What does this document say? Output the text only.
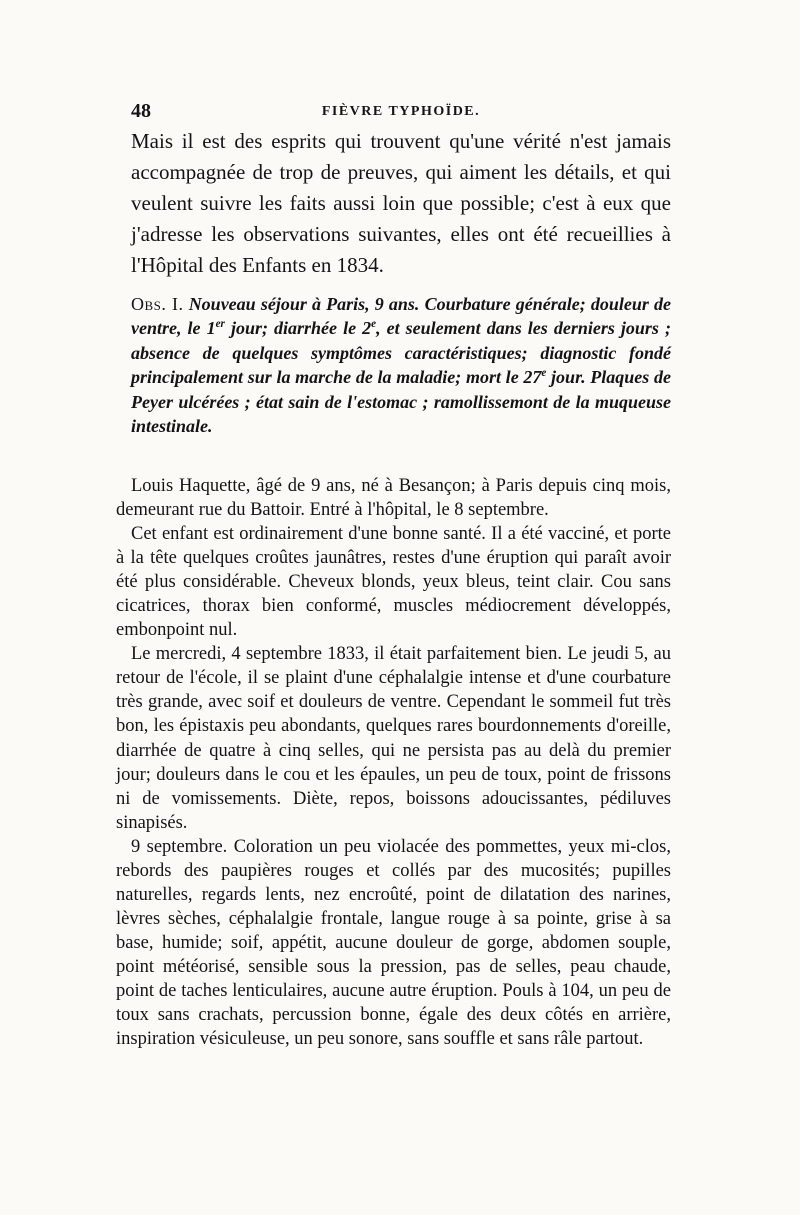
48	FIÈVRE TYPHOÏDE.
Mais il est des esprits qui trouvent qu'une vérité n'est jamais accompagnée de trop de preuves, qui aiment les détails, et qui veulent suivre les faits aussi loin que possible; c'est à eux que j'adresse les observations suivantes, elles ont été recueillies à l'Hôpital des Enfants en 1834.
Obs. I. Nouveau séjour à Paris, 9 ans. Courbature générale; douleur de ventre, le 1er jour; diarrhée le 2e, et seulement dans les derniers jours ; absence de quelques symptômes caractéristiques; diagnostic fondé principalement sur la marche de la maladie; mort le 27e jour. Plaques de Peyer ulcérées ; état sain de l'estomac ; ramollissemont de la muqueuse intestinale.

Louis Haquette, âgé de 9 ans, né à Besançon; à Paris depuis cinq mois, demeurant rue du Battoir. Entré à l'hôpital, le 8 septembre.

Cet enfant est ordinairement d'une bonne santé. Il a été vacciné, et porte à la tête quelques croûtes jaunâtres, restes d'une éruption qui paraît avoir été plus considérable. Cheveux blonds, yeux bleus, teint clair. Cou sans cicatrices, thorax bien conformé, muscles médiocrement développés, embonpoint nul.

Le mercredi, 4 septembre 1833, il était parfaitement bien. Le jeudi 5, au retour de l'école, il se plaint d'une céphalalgie intense et d'une courbature très grande, avec soif et douleurs de ventre. Cependant le sommeil fut très bon, les épistaxis peu abondants, quelques rares bourdonnements d'oreille, diarrhée de quatre à cinq selles, qui ne persista pas au delà du premier jour; douleurs dans le cou et les épaules, un peu de toux, point de frissons ni de vomissements. Diète, repos, boissons adoucissantes, pédiluves sinapisés.

9 septembre. Coloration un peu violacée des pommettes, yeux mi-clos, rebords des paupières rouges et collés par des mucosités; pupilles naturelles, regards lents, nez encroûté, point de dilatation des narines, lèvres sèches, céphalalgie frontale, langue rouge à sa pointe, grise à sa base, humide; soif, appétit, aucune douleur de gorge, abdomen souple, point météorisé, sensible sous la pression, pas de selles, peau chaude, point de taches lenticulaires, aucune autre éruption. Pouls à 104, un peu de toux sans crachats, percussion bonne, égale des deux côtés en arrière, inspiration vésiculeuse, un peu sonore, sans souffle et sans râle partout.
